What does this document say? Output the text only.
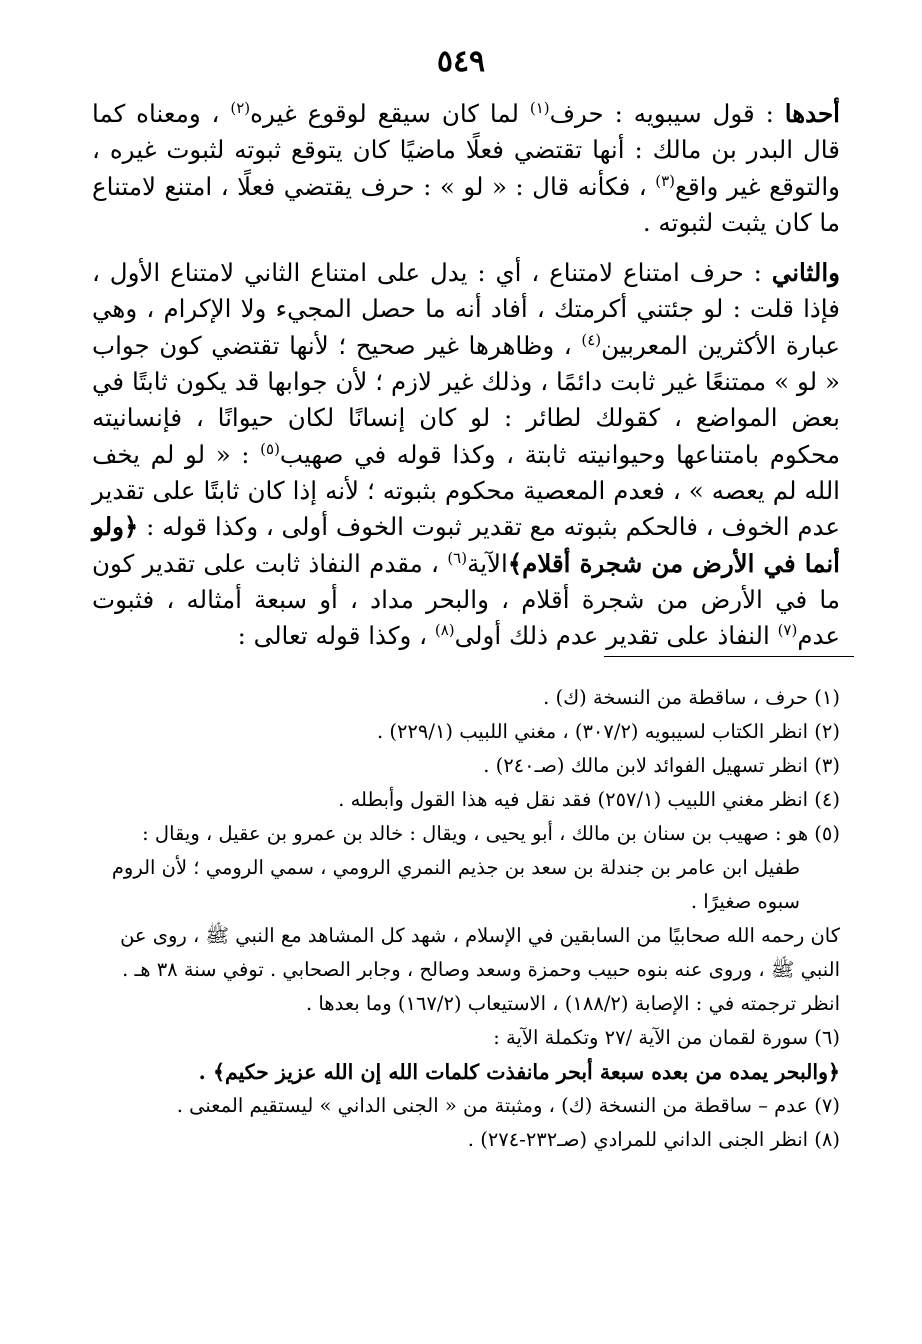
٥٤٩

أحدها : قول سيبويه : حرف$^{(١)}$ لما كان سيقع لوقوع غيره$^{(٢)}$ ، ومعناه كما قال البدر بن مالك : أنها تقتضي فعلًا ماضيًا كان يتوقع ثبوته لثبوت غيره ، والتوقع غير واقع$^{(٣)}$ ، فكأنه قال : « لو » : حرف يقتضي فعلًا ، امتنع لامتناع ما كان يثبت لثبوته .

والثاني : حرف امتناع لامتناع ، أي : يدل على امتناع الثاني لامتناع الأول ، فإذا قلت : لو جئتني أكرمتك ، أفاد أنه ما حصل المجيء ولا الإكرام ، وهي عبارة الأكثرين المعربين$^{(٤)}$ ، وظاهرها غير صحيح ؛ لأنها تقتضي كون جواب « لو » ممتنعًا غير ثابت دائمًا ، وذلك غير لازم ؛ لأن جوابها قد يكون ثابتًا في بعض المواضع ، كقولك لطائر : لو كان إنسانًا لكان حيوانًا ، فإنسانيته محكوم بامتناعها وحيوانيته ثابتة ، وكذا قوله في صهيب$^{(٥)}$ : « لو لم يخف الله لم يعصه » ، فعدم المعصية محكوم بثبوته ؛ لأنه إذا كان ثابتًا على تقدير عدم الخوف ، فالحكم بثبوته مع تقدير ثبوت الخوف أولى ، وكذا قوله : ﴿ولو أنما في الأرض من شجرة أقلام﴾الآية$^{(٦)}$ ، مقدم النفاذ ثابت على تقدير كون ما في الأرض من شجرة أقلام ، والبحر مداد ، أو سبعة أمثاله ، فثبوت عدم$^{(٧)}$ النفاذ على تقدير عدم ذلك أولى$^{(٨)}$ ، وكذا قوله تعالى :

(١) حرف ، ساقطة من النسخة (ك) .

(٢) انظر الكتاب لسيبويه (٣٠٧/٢) ، مغني اللبيب (٢٢٩/١) .

(٣) انظر تسهيل الفوائد لابن مالك (صـ٢٤٠) .

(٤) انظر مغني اللبيب (٢٥٧/١) فقد نقل فيه هذا القول وأبطله .

(٥) هو : صهيب بن سنان بن مالك ، أبو يحيى ، ويقال : خالد بن عمرو بن عقيل ، ويقال : طفيل ابن عامر بن جندلة بن سعد بن جذيم النمري الرومي ، سمي الرومي ؛ لأن الروم سبوه صغيرًا .

كان رحمه الله صحابيًا من السابقين في الإسلام ، شهد كل المشاهد مع النبي ﷺ ، روى عن النبي ﷺ ، وروى عنه بنوه حبيب وحمزة وسعد وصالح ، وجابر الصحابي . توفي سنة ٣٨ هـ .

انظر ترجمته في : الإصابة (١٨٨/٢) ، الاستيعاب (١٦٧/٢) وما بعدها .

(٦) سورة لقمان من الآية /٢٧ وتكملة الآية :

﴿والبحر يمده من بعده سبعة أبحر مانفذت كلمات الله إن الله عزيز حكيم﴾ .

(٧) عدم – ساقطة من النسخة (ك) ، ومثبتة من « الجنى الداني » ليستقيم المعنى .

(٨) انظر الجنى الداني للمرادي (صـ٢٣٢-٢٧٤) .
